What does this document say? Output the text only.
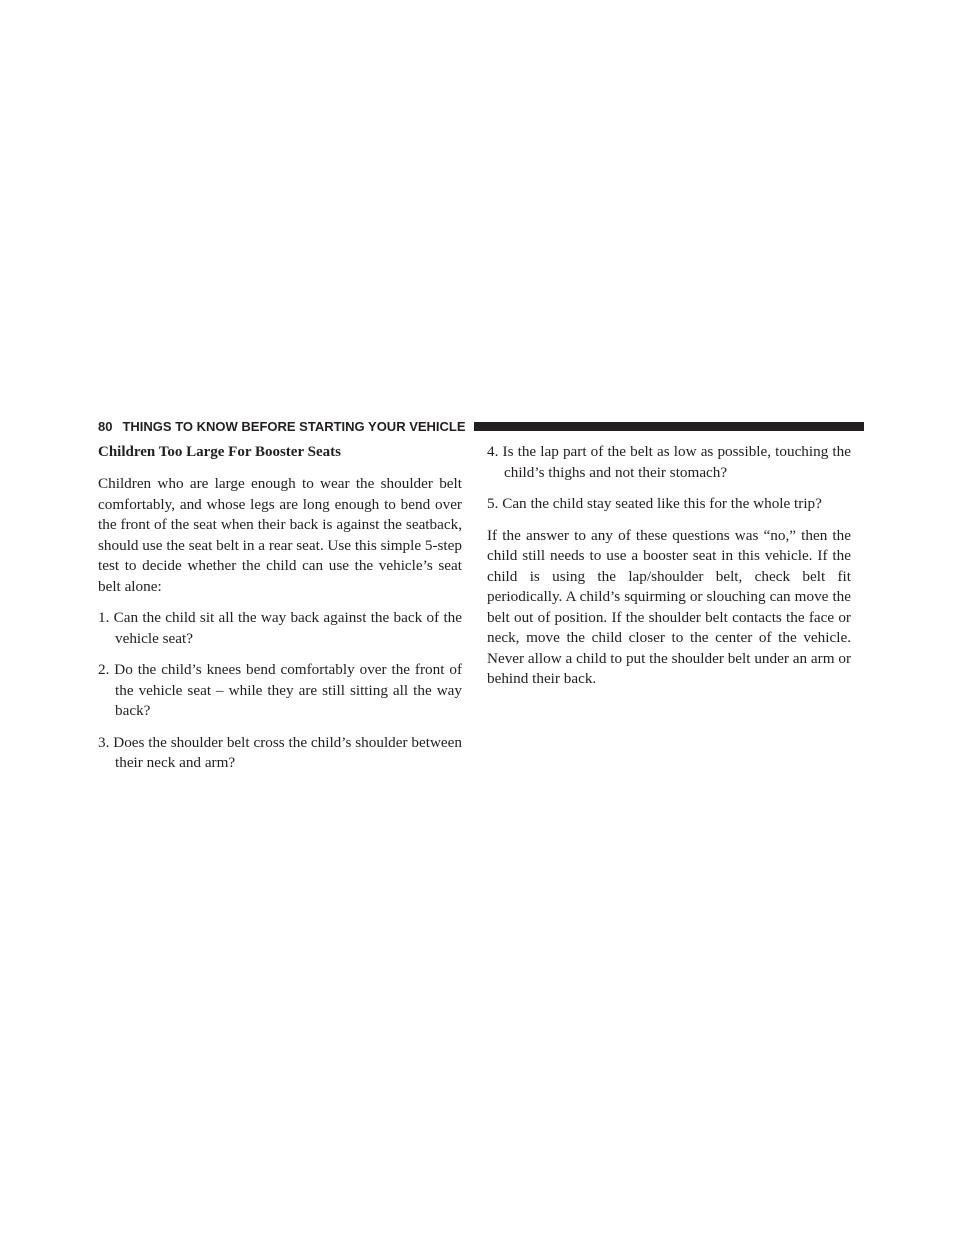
80 THINGS TO KNOW BEFORE STARTING YOUR VEHICLE
Children Too Large For Booster Seats

Children who are large enough to wear the shoulder belt comfortably, and whose legs are long enough to bend over the front of the seat when their back is against the seatback, should use the seat belt in a rear seat. Use this simple 5-step test to decide whether the child can use the vehicle’s seat belt alone:

1. Can the child sit all the way back against the back of the vehicle seat?
2. Do the child’s knees bend comfortably over the front of the vehicle seat – while they are still sitting all the way back?
3. Does the shoulder belt cross the child’s shoulder between their neck and arm?
4. Is the lap part of the belt as low as possible, touching the child’s thighs and not their stomach?
5. Can the child stay seated like this for the whole trip?

If the answer to any of these questions was “no,” then the child still needs to use a booster seat in this vehicle. If the child is using the lap/shoulder belt, check belt fit periodically. A child’s squirming or slouching can move the belt out of position. If the shoulder belt contacts the face or neck, move the child closer to the center of the vehicle. Never allow a child to put the shoulder belt under an arm or behind their back.
